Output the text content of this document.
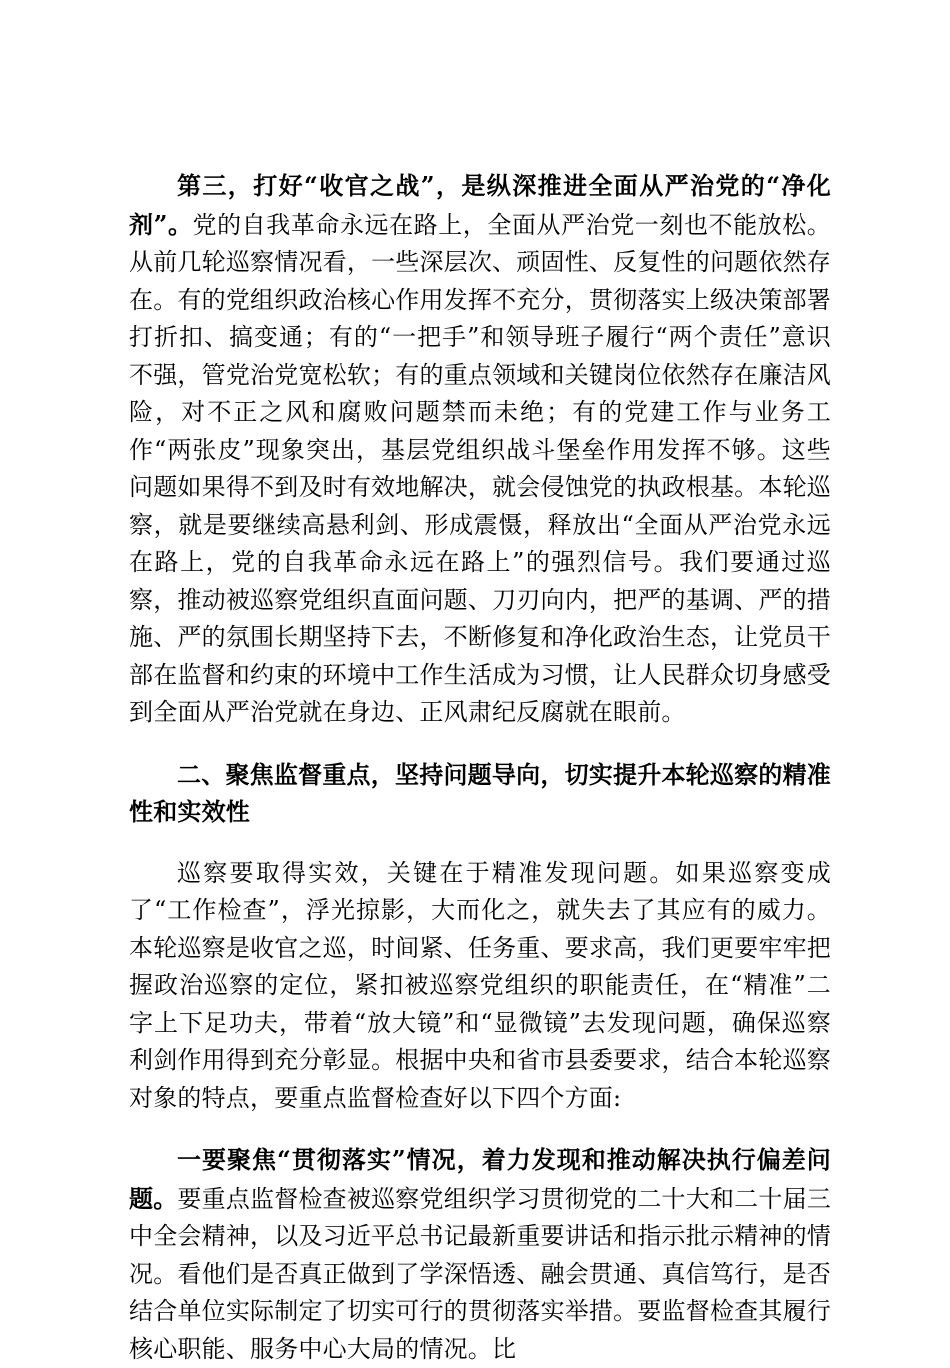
第三，打好“收官之战”，是纵深推进全面从严治党的“净化剂”。党的自我革命永远在路上，全面从严治党一刻也不能放松。从前几轮巡察情况看，一些深层次、顽固性、反复性的问题依然存在。有的党组织政治核心作用发挥不充分，贯彻落实上级决策部署打折扣、搞变通；有的“一把手”和领导班子履行“两个责任”意识不强，管党治党宽松软；有的重点领域和关键岗位依然存在廉洁风险，对不正之风和腐败问题禁而未绝；有的党建工作与业务工作“两张皮”现象突出，基层党组织战斗堡垒作用发挥不够。这些问题如果得不到及时有效地解决，就会侵蚀党的执政根基。本轮巡察，就是要继续高悬利剑、形成震慑，释放出“全面从严治党永远在路上，党的自我革命永远在路上”的强烈信号。我们要通过巡察，推动被巡察党组织直面问题、刀刃向内，把严的基调、严的措施、严的氛围长期坚持下去，不断修复和净化政治生态，让党员干部在监督和约束的环境中工作生活成为习惯，让人民群众切身感受到全面从严治党就在身边、正风肃纪反腐就在眼前。

二、聚焦监督重点，坚持问题导向，切实提升本轮巡察的精准性和实效性

巡察要取得实效，关键在于精准发现问题。如果巡察变成了“工作检查”，浮光掠影，大而化之，就失去了其应有的威力。本轮巡察是收官之巡，时间紧、任务重、要求高，我们更要牢牢把握政治巡察的定位，紧扣被巡察党组织的职能责任，在“精准”二字上下足功夫，带着“放大镜”和“显微镜”去发现问题，确保巡察利剑作用得到充分彰显。根据中央和省市县委要求，结合本轮巡察对象的特点，要重点监督检查好以下四个方面:

一要聚焦“贯彻落实”情况，着力发现和推动解决执行偏差问题。要重点监督检查被巡察党组织学习贯彻党的二十大和二十届三中全会精神，以及习近平总书记最新重要讲话和指示批示精神的情况。看他们是否真正做到了学深悟透、融会贯通、真信笃行，是否结合单位实际制定了切实可行的贯彻落实举措。要监督检查其履行核心职能、服务中心大局的情况。比
